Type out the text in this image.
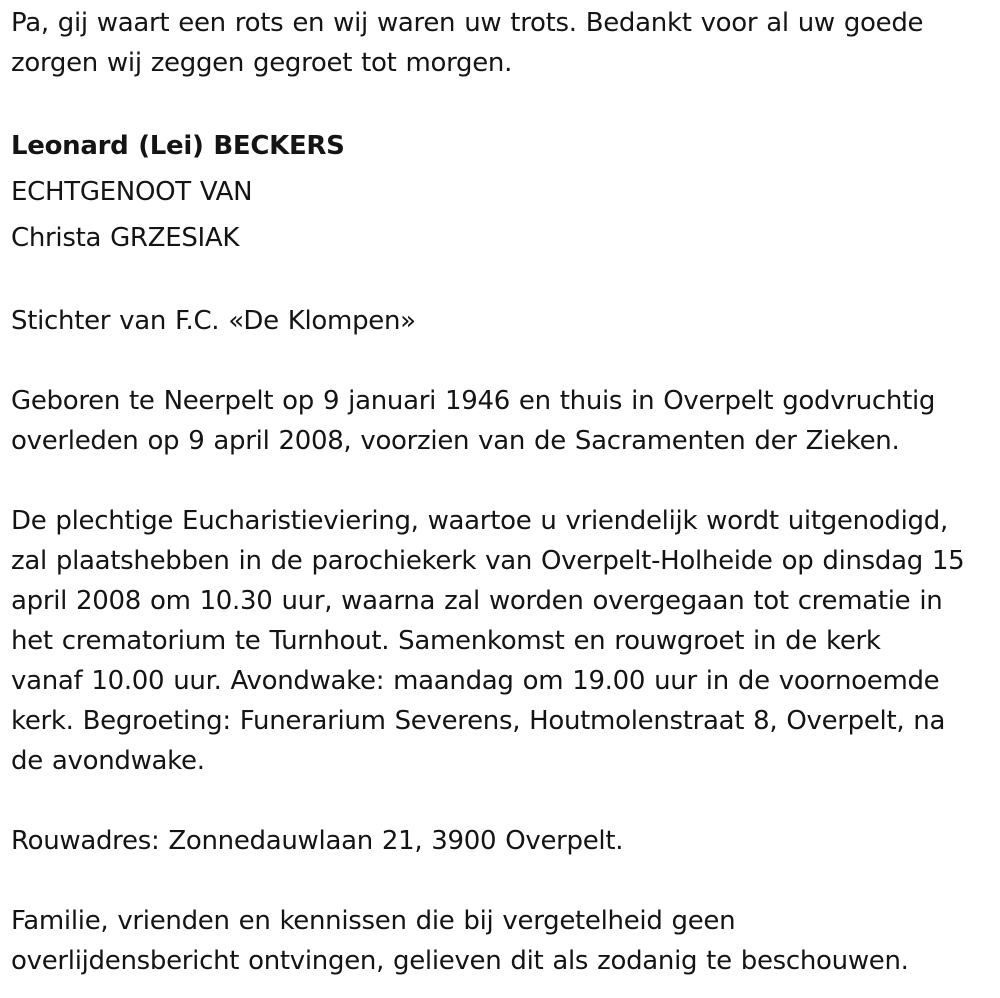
Pa, gij waart een rots en wij waren uw trots. Bedankt voor al uw goede
zorgen wij zeggen gegroet tot morgen.

Leonard (Lei) BECKERS

ECHTGENOOT VAN

Christa GRZESIAK

Stichter van F.C. «De Klompen»

Geboren te Neerpelt op 9 januari 1946 en thuis in Overpelt godvruchtig
overleden op 9 april 2008, voorzien van de Sacramenten der Zieken.

De plechtige Eucharistieviering, waartoe u vriendelijk wordt uitgenodigd,
zal plaatshebben in de parochiekerk van Overpelt-Holheide op dinsdag 15
april 2008 om 10.30 uur, waarna zal worden overgegaan tot crematie in
het crematorium te Turnhout. Samenkomst en rouwgroet in de kerk
vanaf 10.00 uur. Avondwake: maandag om 19.00 uur in de voornoemde
kerk. Begroeting: Funerarium Severens, Houtmolenstraat 8, Overpelt, na
de avondwake.

Rouwadres: Zonnedauwlaan 21, 3900 Overpelt.

Familie, vrienden en kennissen die bij vergetelheid geen
overlijdensbericht ontvingen, gelieven dit als zodanig te beschouwen.
